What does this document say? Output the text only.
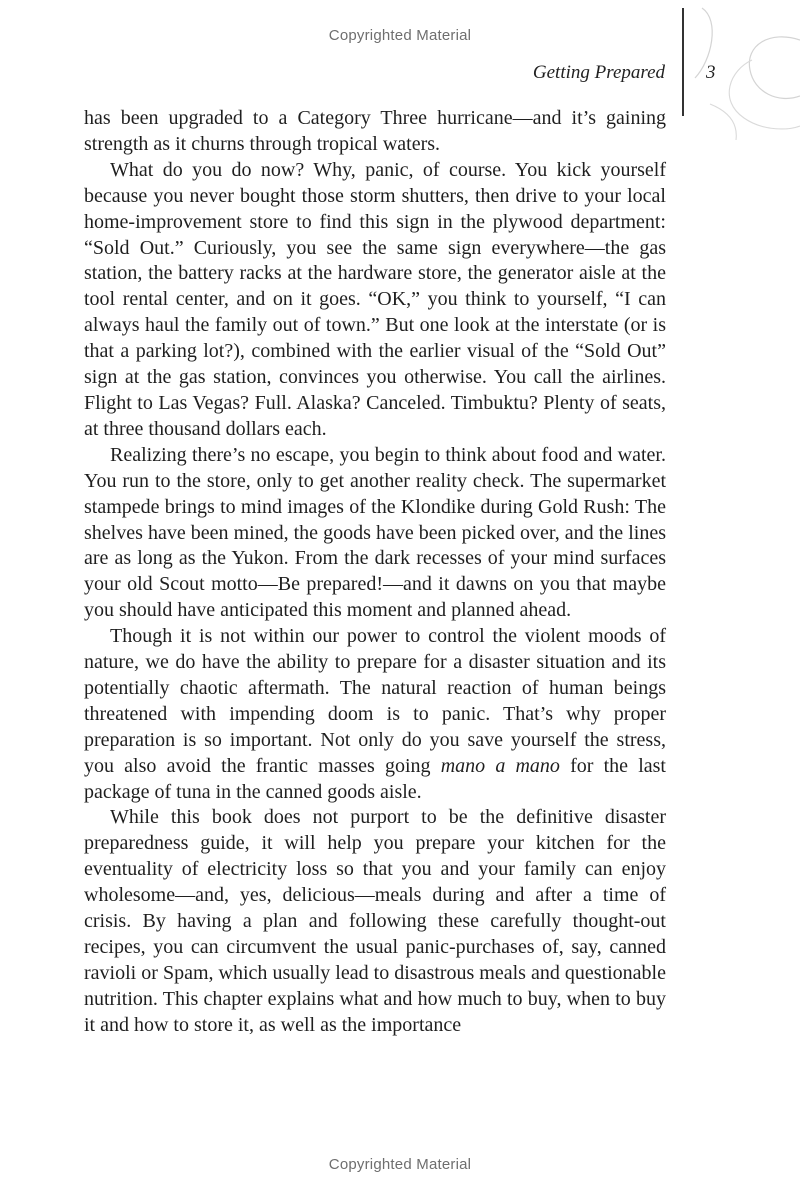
Copyrighted Material
Getting Prepared 3

has been upgraded to a Category Three hurricane—and it’s gaining strength as it churns through tropical waters.

What do you do now? Why, panic, of course. You kick yourself because you never bought those storm shutters, then drive to your local home-improvement store to find this sign in the plywood department: “Sold Out.” Curiously, you see the same sign everywhere—the gas station, the battery racks at the hardware store, the generator aisle at the tool rental center, and on it goes. “OK,” you think to yourself, “I can always haul the family out of town.” But one look at the interstate (or is that a parking lot?), combined with the earlier visual of the “Sold Out” sign at the gas station, convinces you otherwise. You call the airlines. Flight to Las Vegas? Full. Alaska? Canceled. Timbuktu? Plenty of seats, at three thousand dollars each.

Realizing there’s no escape, you begin to think about food and water. You run to the store, only to get another reality check. The supermarket stampede brings to mind images of the Klondike during Gold Rush: The shelves have been mined, the goods have been picked over, and the lines are as long as the Yukon. From the dark recesses of your mind surfaces your old Scout motto—Be prepared!—and it dawns on you that maybe you should have anticipated this moment and planned ahead.

Though it is not within our power to control the violent moods of nature, we do have the ability to prepare for a disaster situation and its potentially chaotic aftermath. The natural reaction of human beings threatened with impending doom is to panic. That’s why proper preparation is so important. Not only do you save yourself the stress, you also avoid the frantic masses going mano a mano for the last package of tuna in the canned goods aisle.

While this book does not purport to be the definitive disaster preparedness guide, it will help you prepare your kitchen for the eventuality of electricity loss so that you and your family can enjoy wholesome—and, yes, delicious—meals during and after a time of crisis. By having a plan and following these carefully thought-out recipes, you can circumvent the usual panic-purchases of, say, canned ravioli or Spam, which usually lead to disastrous meals and questionable nutrition. This chapter explains what and how much to buy, when to buy it and how to store it, as well as the importance

Copyrighted Material
